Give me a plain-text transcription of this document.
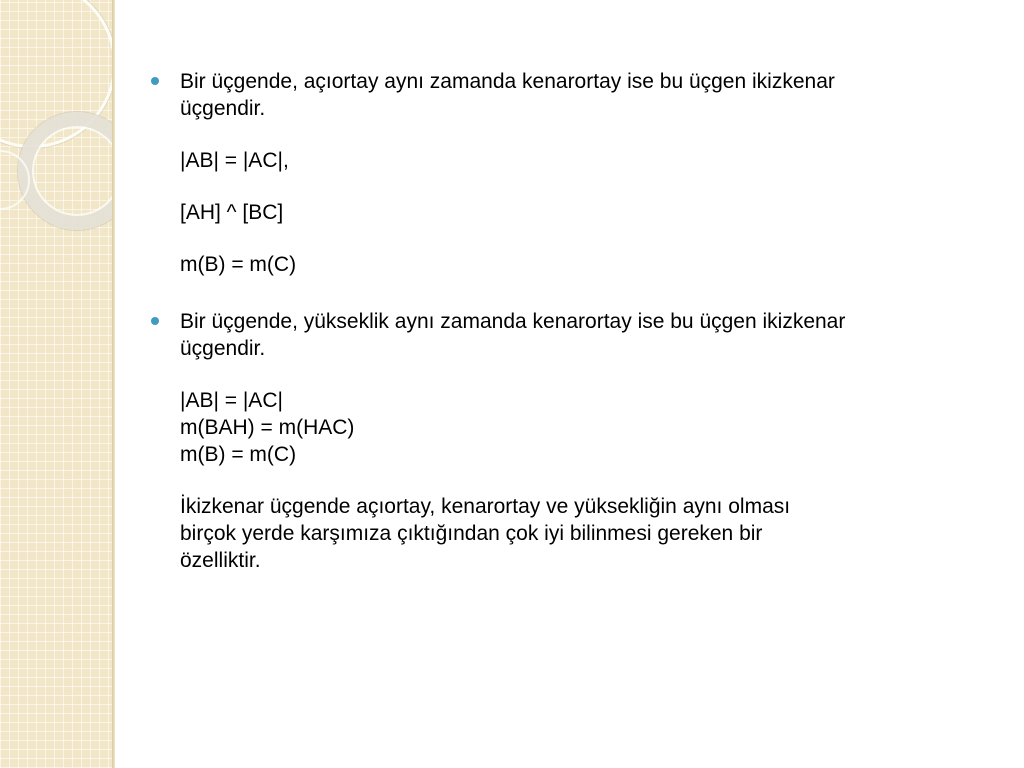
Bir üçgende, açıortay aynı zamanda kenarortay ise bu üçgen ikizkenar
üçgendir.
|AB| = |AC|,
[AH] ^ [BC]
m(B) = m(C)
Bir üçgende, yükseklik aynı zamanda kenarortay ise bu üçgen ikizkenar
üçgendir.
|AB| = |AC|
m(BAH) = m(HAC)
m(B) = m(C)
İkizkenar üçgende açıortay, kenarortay ve yüksekliğin aynı olması
birçok yerde karşımıza çıktığından çok iyi bilinmesi gereken bir
özelliktir.
